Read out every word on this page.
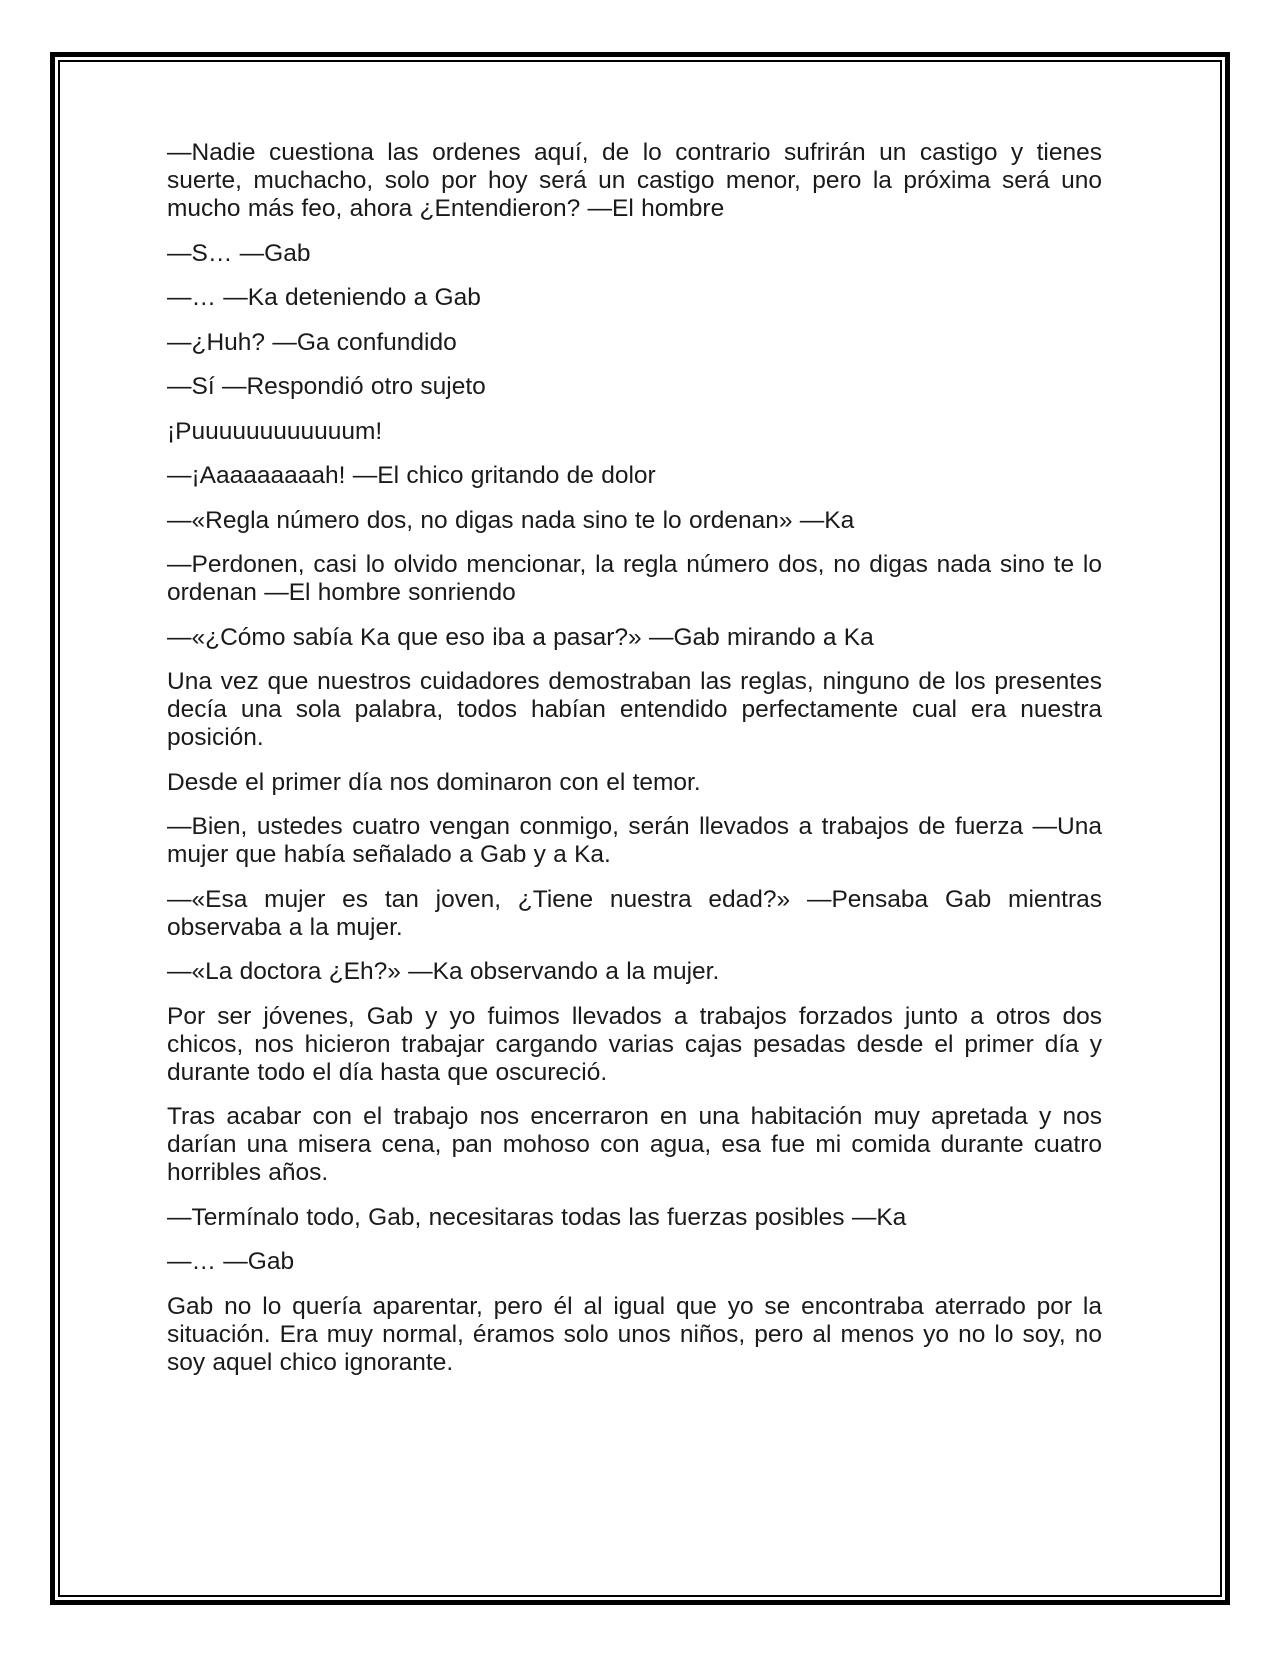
—Nadie cuestiona las ordenes aquí, de lo contrario sufrirán un castigo y tienes suerte, muchacho, solo por hoy será un castigo menor, pero la próxima será uno mucho más feo, ahora ¿Entendieron? —El hombre

—S… —Gab

—… —Ka deteniendo a Gab

—¿Huh? —Ga confundido

—Sí —Respondió otro sujeto

¡Puuuuuuuuuuuum!

—¡Aaaaaaaaah! —El chico gritando de dolor

—«Regla número dos, no digas nada sino te lo ordenan» —Ka

—Perdonen, casi lo olvido mencionar, la regla número dos, no digas nada sino te lo ordenan —El hombre sonriendo

—«¿Cómo sabía Ka que eso iba a pasar?» —Gab mirando a Ka

Una vez que nuestros cuidadores demostraban las reglas, ninguno de los presentes decía una sola palabra, todos habían entendido perfectamente cual era nuestra posición.

Desde el primer día nos dominaron con el temor.

—Bien, ustedes cuatro vengan conmigo, serán llevados a trabajos de fuerza —Una mujer que había señalado a Gab y a Ka.

—«Esa mujer es tan joven, ¿Tiene nuestra edad?» —Pensaba Gab mientras observaba a la mujer.

—«La doctora ¿Eh?» —Ka observando a la mujer.

Por ser jóvenes, Gab y yo fuimos llevados a trabajos forzados junto a otros dos chicos, nos hicieron trabajar cargando varias cajas pesadas desde el primer día y durante todo el día hasta que oscureció.

Tras acabar con el trabajo nos encerraron en una habitación muy apretada y nos darían una misera cena, pan mohoso con agua, esa fue mi comida durante cuatro horribles años.

—Termínalo todo, Gab, necesitaras todas las fuerzas posibles —Ka

—… —Gab

Gab no lo quería aparentar, pero él al igual que yo se encontraba aterrado por la situación. Era muy normal, éramos solo unos niños, pero al menos yo no lo soy, no soy aquel chico ignorante.
